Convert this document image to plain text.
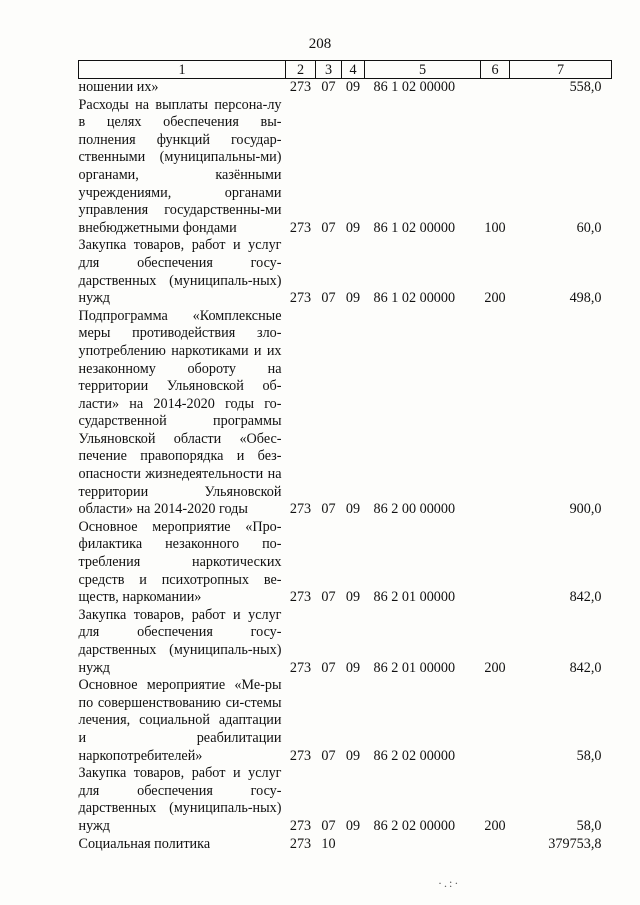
208
1	2	3	4	5	6	7
ношении их»	273	07	09	86 1 02 00000		558,0
Расходы на выплаты персона-лу в целях обеспечения вы-полнения функций государ-ственными (муниципальны-ми) органами, казёнными учреждениями, органами управления государственны-ми внебюджетными фондами	273	07	09	86 1 02 00000	100	60,0
Закупка товаров, работ и услуг для обеспечения госу-дарственных (муниципаль-ных) нужд	273	07	09	86 1 02 00000	200	498,0
Подпрограмма «Комплексные меры противодействия зло-употреблению наркотиками и их незаконному обороту на территории Ульяновской об-ласти» на 2014-2020 годы го-сударственной программы Ульяновской области «Обес-печение правопорядка и без-опасности жизнедеятельности на территории Ульяновской области» на 2014-2020 годы	273	07	09	86 2 00 00000		900,0
Основное мероприятие «Про-филактика незаконного по-требления наркотических средств и психотропных ве-ществ, наркомании»	273	07	09	86 2 01 00000		842,0
Закупка товаров, работ и услуг для обеспечения госу-дарственных (муниципаль-ных) нужд	273	07	09	86 2 01 00000	200	842,0
Основное мероприятие «Ме-ры по совершенствованию си-стемы лечения, социальной адаптации и реабилитации наркопотребителей»	273	07	09	86 2 02 00000		58,0
Закупка товаров, работ и услуг для обеспечения госу-дарственных (муниципаль-ных) нужд	273	07	09	86 2 02 00000	200	58,0
Социальная политика	273	10				379753,8
·.:·
